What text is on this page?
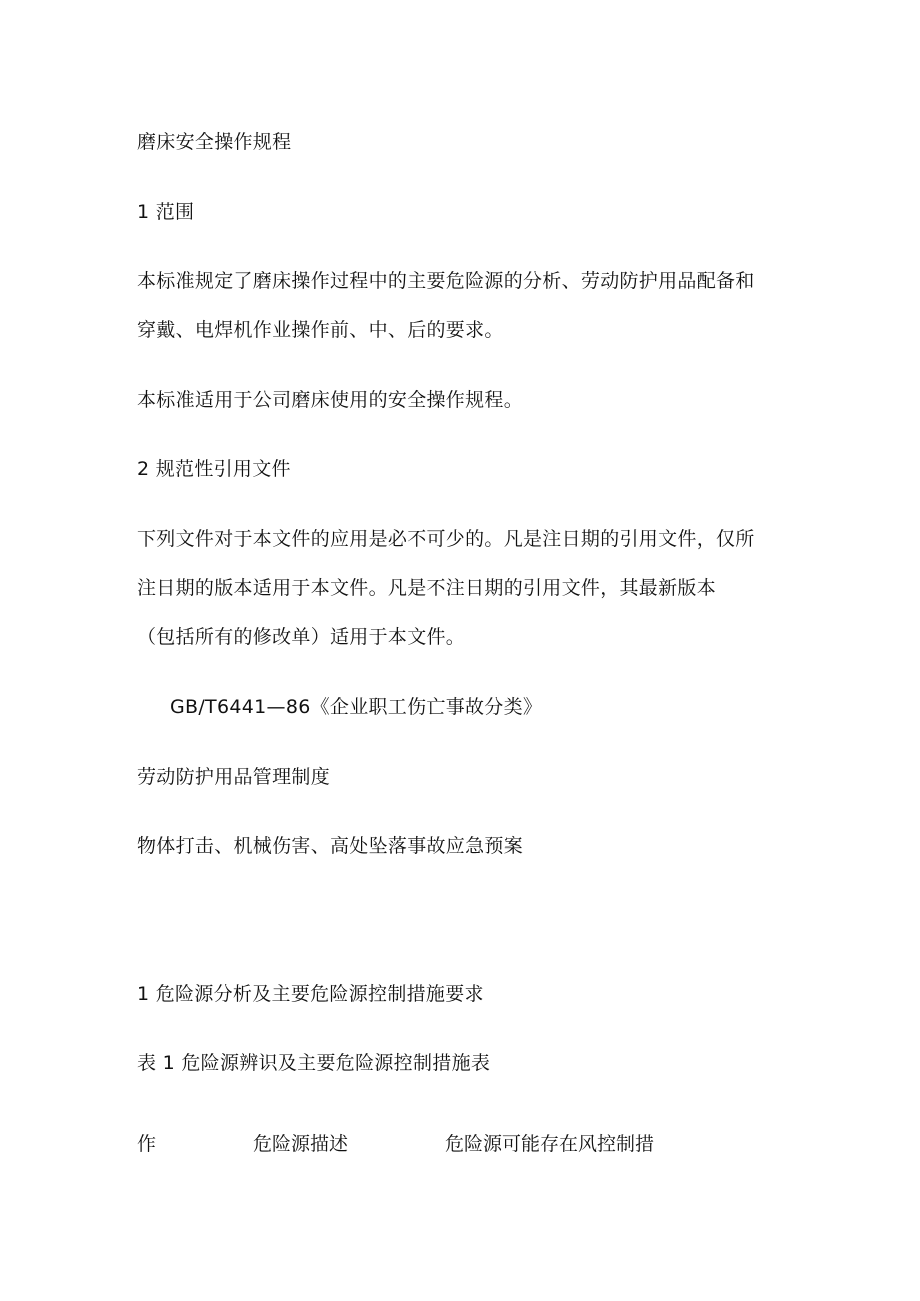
磨床安全操作规程
1 范围
本标准规定了磨床操作过程中的主要危险源的分析、劳动防护用品配备和
穿戴、电焊机作业操作前、中、后的要求。
本标准适用于公司磨床使用的安全操作规程。
2 规范性引用文件
下列文件对于本文件的应用是必不可少的。凡是注日期的引用文件，仅所
注日期的版本适用于本文件。凡是不注日期的引用文件，其最新版本
（包括所有的修改单）适用于本文件。
GB/T6441—86《企业职工伤亡事故分类》
劳动防护用品管理制度
物体打击、机械伤害、高处坠落事故应急预案
1 危险源分析及主要危险源控制措施要求
表 1 危险源辨识及主要危险源控制措施表
作	危险源描述	危险源可能存在风控制措
